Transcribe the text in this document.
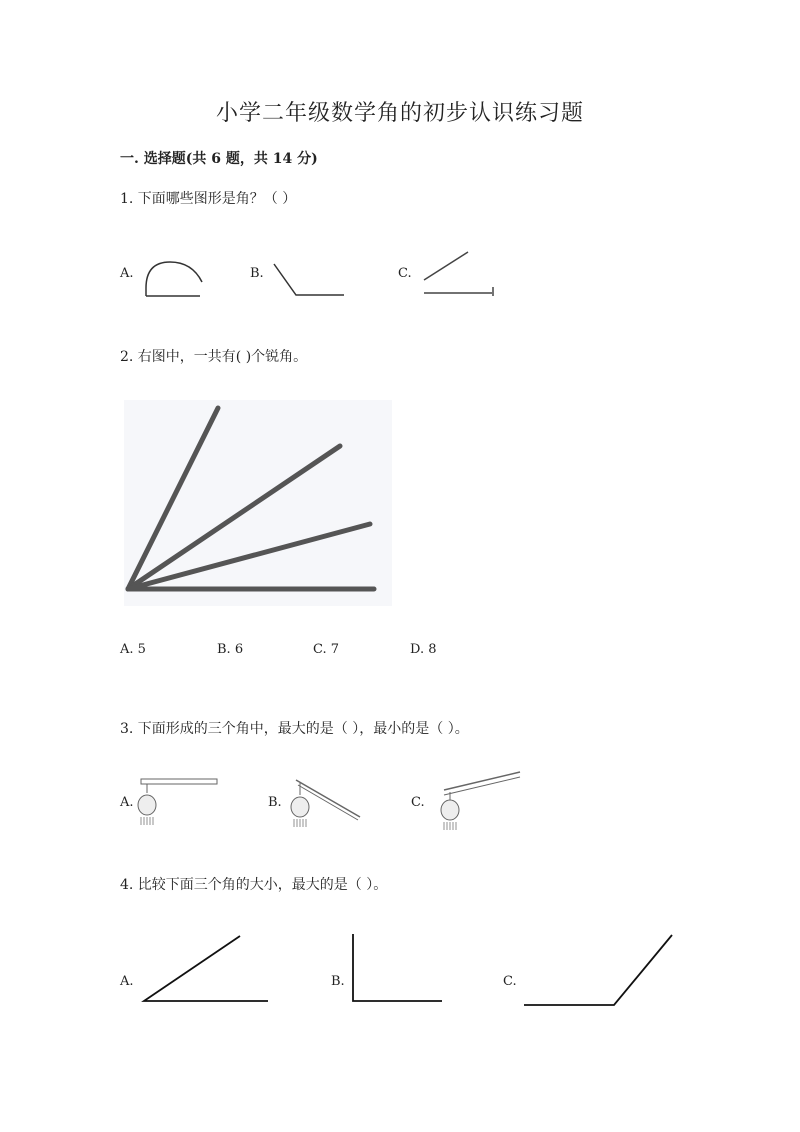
小学二年级数学角的初步认识练习题
一. 选择题(共 6 题，共 14 分)
1. 下面哪些图形是角？（ ）
A.	B.	C.
2. 右图中，一共有( )个锐角。
A. 5	B. 6	C. 7	D. 8
3. 下面形成的三个角中，最大的是（ ），最小的是（ ）。
A.	B.	C.
4. 比较下面三个角的大小，最大的是（ ）。
A.	B.	C.
